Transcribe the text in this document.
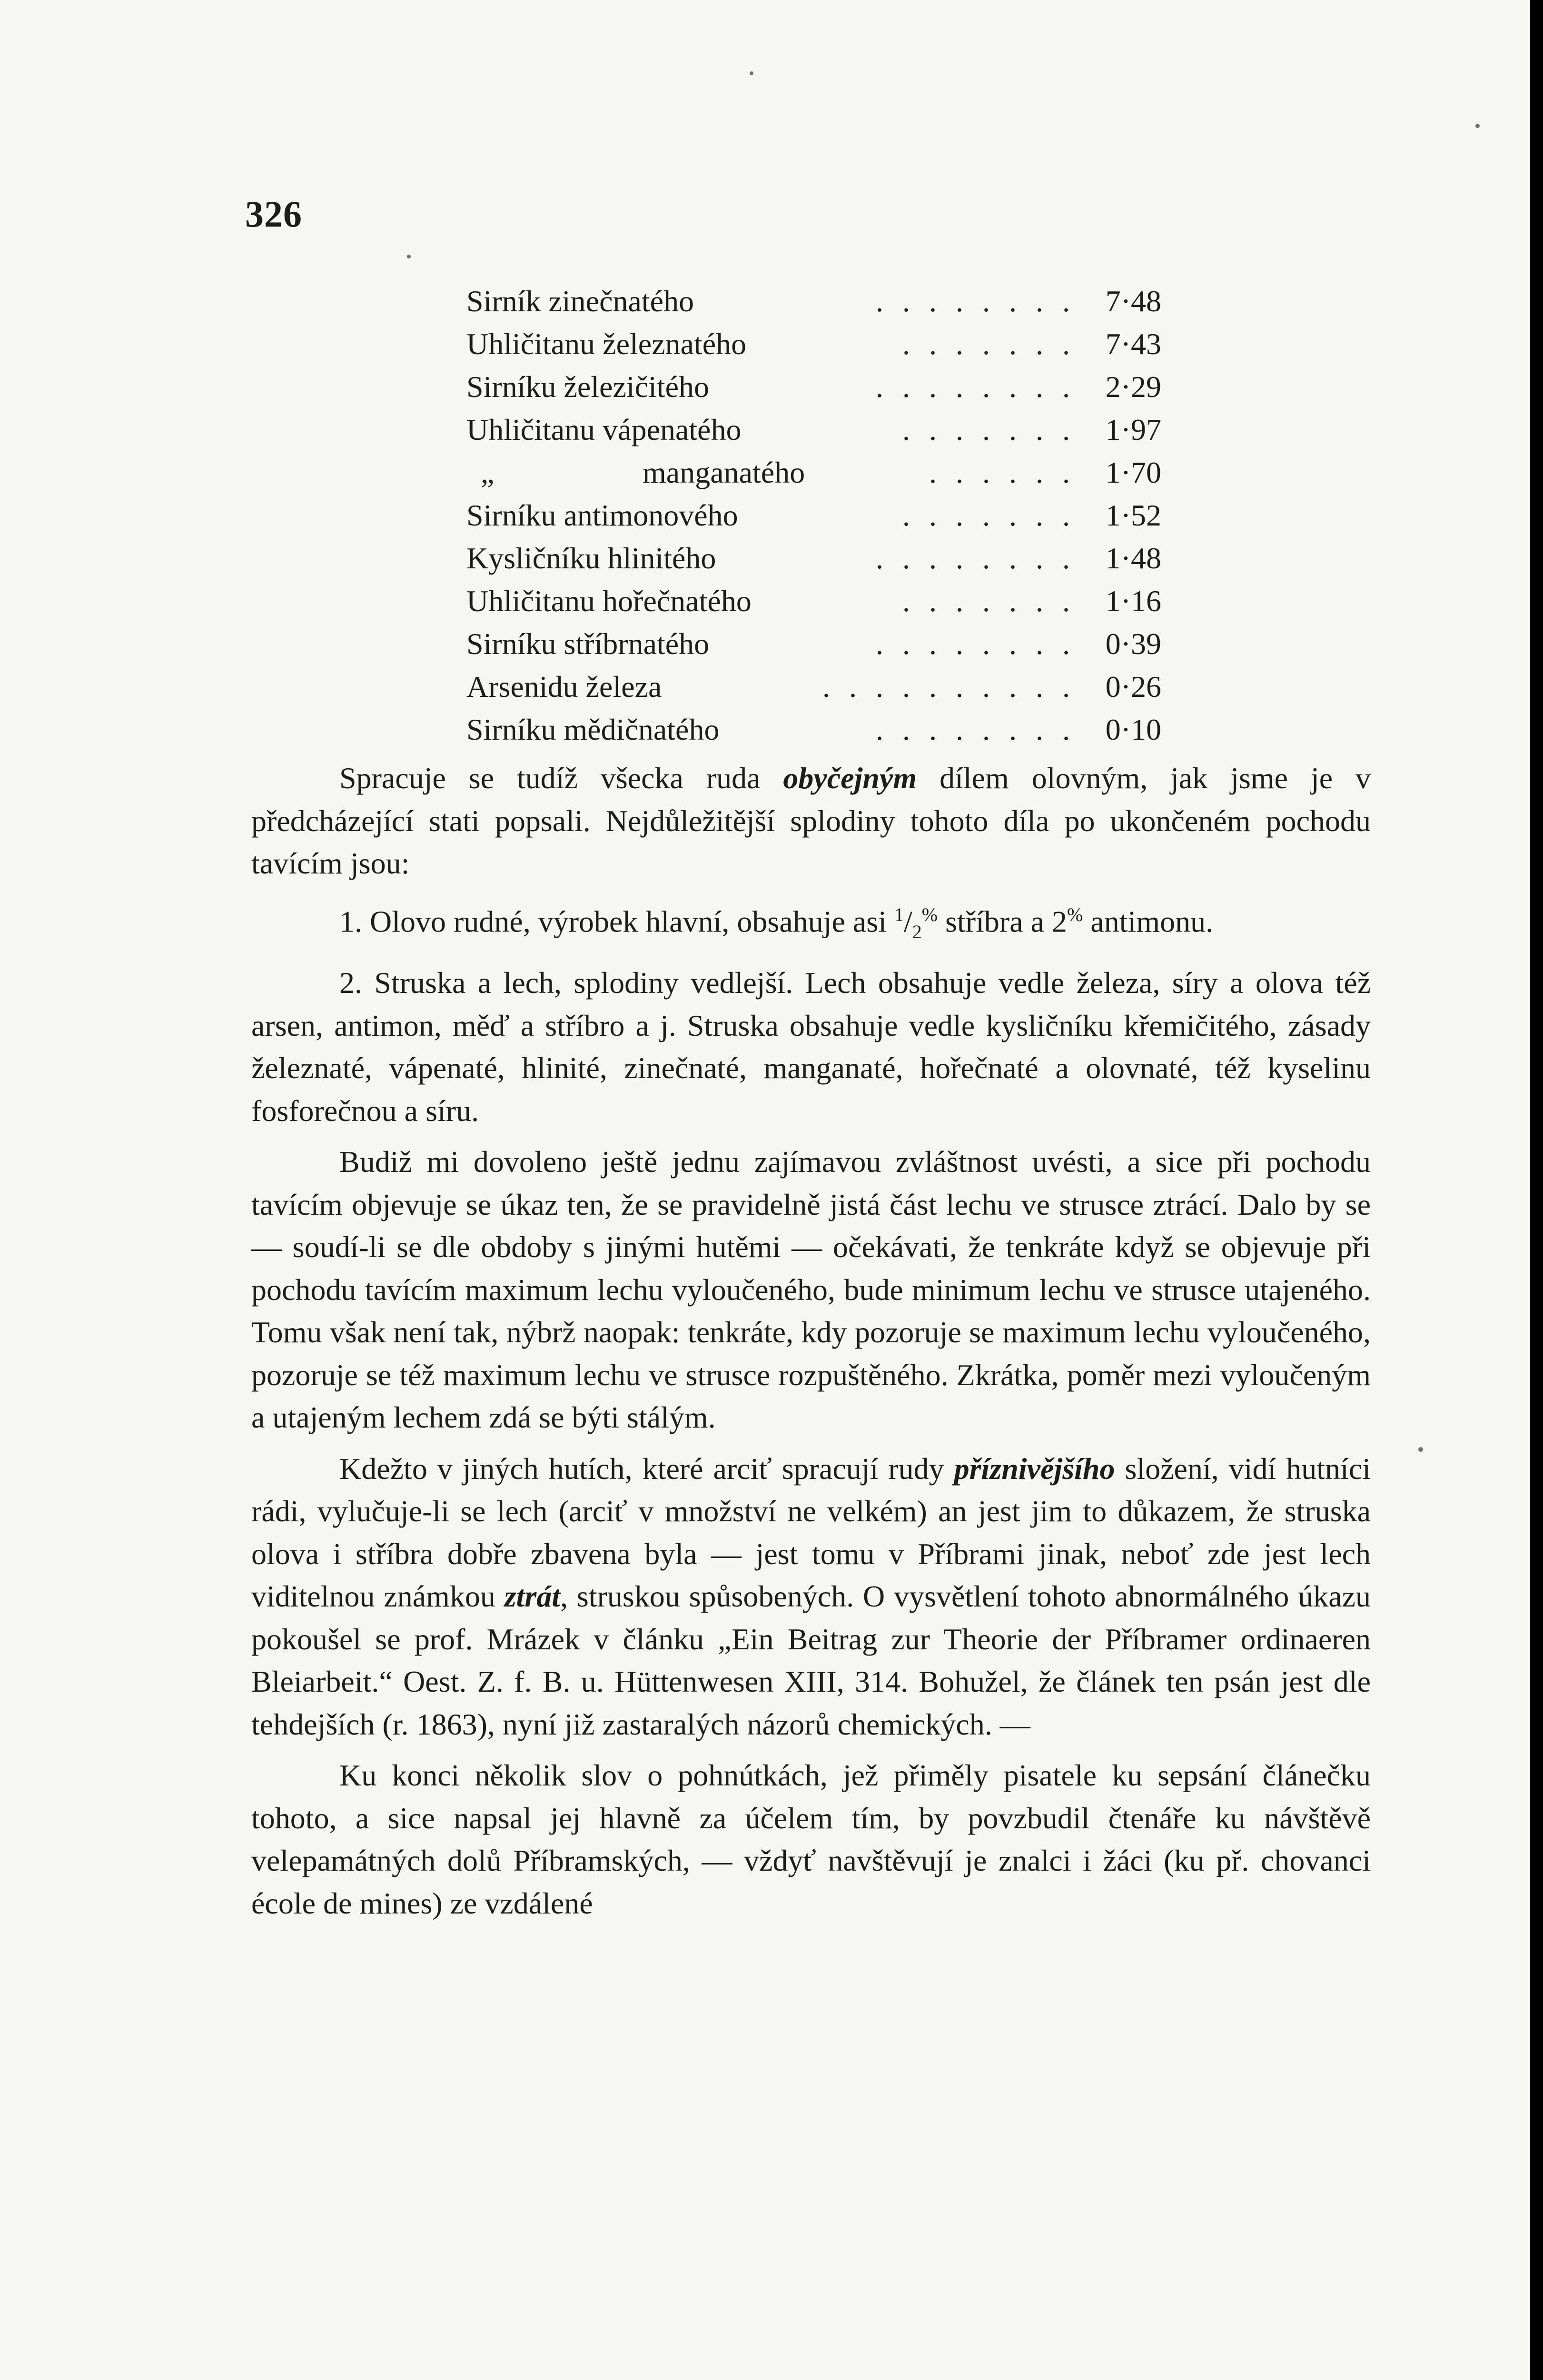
326
Sirník zinečnatého	. . . . . . . . 7·48
Uhličitanu železnatého	. . . . . . . 7·43
Sirníku železičitého	. . . . . . . . 2·29
Uhličitanu vápenatého	. . . . . . . 1·97
„	manganatého	. . . . . . 1·70
Sirníku antimonového	. . . . . . . 1·52
Kysličníku hlinitého	. . . . . . . . 1·48
Uhličitanu hořečnatého	. . . . . . . 1·16
Sirníku stříbrnatého	. . . . . . . . 0·39
Arsenidu železa	. . . . . . . . . . 0·26
Sirníku mědičnatého	. . . . . . . . 0·10

Spracuje se tudíž všecka ruda obyčejným dílem olovným, jak jsme je v předcházející stati popsali. Nejdůležitější splodiny tohoto díla po ukončeném pochodu tavícím jsou:

1. Olovo rudné, výrobek hlavní, obsahuje asi $^1/_2^{\%}$ stříbra a 2% antimonu.

2. Struska a lech, splodiny vedlejší. Lech obsahuje vedle železa, síry a olova též arsen, antimon, měď a stříbro a j. Struska obsahuje vedle kysličníku křemičitého, zásady železnaté, vápenaté, hlinité, zinečnaté, manganaté, hořečnaté a olovnaté, též kyselinu fosforečnou a síru.

Budiž mi dovoleno ještě jednu zajímavou zvláštnost uvésti, a sice při pochodu tavícím objevuje se úkaz ten, že se pravidelně jistá část lechu ve strusce ztrácí. Dalo by se — soudí-li se dle obdoby s jinými hutěmi — očekávati, že tenkráte když se objevuje při pochodu tavícím maximum lechu vyloučeného, bude minimum lechu ve strusce utajeného. Tomu však není tak, nýbrž naopak: tenkráte, kdy pozoruje se maximum lechu vyloučeného, pozoruje se též maximum lechu ve strusce rozpuštěného. Zkrátka, poměr mezi vyloučeným a utajeným lechem zdá se býti stálým.

Kdežto v jiných hutích, které arciť spracují rudy příznivějšího složení, vidí hutníci rádi, vylučuje-li se lech (arciť v množství ne velkém) an jest jim to důkazem, že struska olova i stříbra dobře zbavena byla — jest tomu v Příbrami jinak, neboť zde jest lech viditelnou známkou ztrát, struskou spůsobených. O vysvětlení tohoto abnormálného úkazu pokoušel se prof. Mrázek v článku „Ein Beitrag zur Theorie der Příbramer ordinaeren Bleiarbeit.“ Oest. Z. f. B. u. Hüttenwesen XIII, 314. Bohužel, že článek ten psán jest dle tehdejších (r. 1863), nyní již zastaralých názorů chemických. —

Ku konci několik slov o pohnútkách, jež přiměly pisatele ku sepsání článečku tohoto, a sice napsal jej hlavně za účelem tím, by povzbudil čtenáře ku návštěvě velepamátných dolů Příbramských, — vždyť navštěvují je znalci i žáci (ku př. chovanci école de mines) ze vzdálené
